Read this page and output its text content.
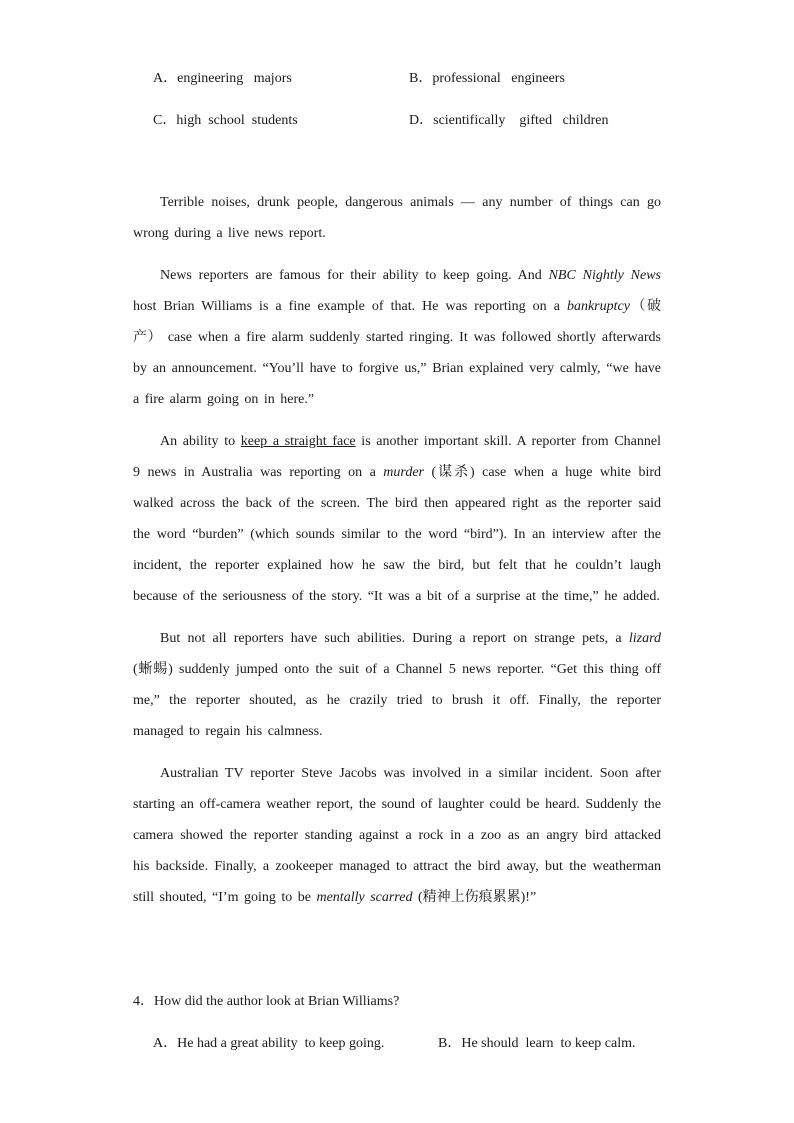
A．engineering   majors	B．professional   engineers
C．high  school  students	D．scientifically    gifted   children

Terrible noises, drunk people, dangerous animals — any number of things can go wrong during a live news report.

News reporters are famous for their ability to keep going. And NBC Nightly News host Brian Williams is a fine example of that. He was reporting on a bankruptcy（破 产） case when a fire alarm suddenly started ringing. It was followed shortly afterwards by an announcement. “You’ll have to forgive us,” Brian explained very calmly, “we have a fire alarm going on in here.”

An ability to keep a straight face is another important skill. A reporter from Channel 9 news in Australia was reporting on a murder (谋杀) case when a huge white bird walked across the back of the screen. The bird then appeared right as the reporter said the word “burden” (which sounds similar to the word “bird”). In an interview after the incident, the reporter explained how he saw the bird, but felt that he couldn’t laugh because of the seriousness of the story. “It was a bit of a surprise at the time,” he added.

But not all reporters have such abilities. During a report on strange pets, a lizard (蜥蜴) suddenly jumped onto the suit of a Channel 5 news reporter. “Get this thing off me,” the reporter shouted, as he crazily tried to brush it off. Finally, the reporter managed to regain his calmness.

Australian TV reporter Steve Jacobs was involved in a similar incident. Soon after starting an off-camera weather report, the sound of laughter could be heard. Suddenly the camera showed the reporter standing against a rock in a zoo as an angry bird attacked his backside. Finally, a zookeeper managed to attract the bird away, but the weatherman still shouted, “I’m going to be mentally scarred (精神上伤痕累累)!”

4．How did the author look at Brian Williams?
A．He had a great ability  to keep going.	B．He should  learn  to keep calm.
